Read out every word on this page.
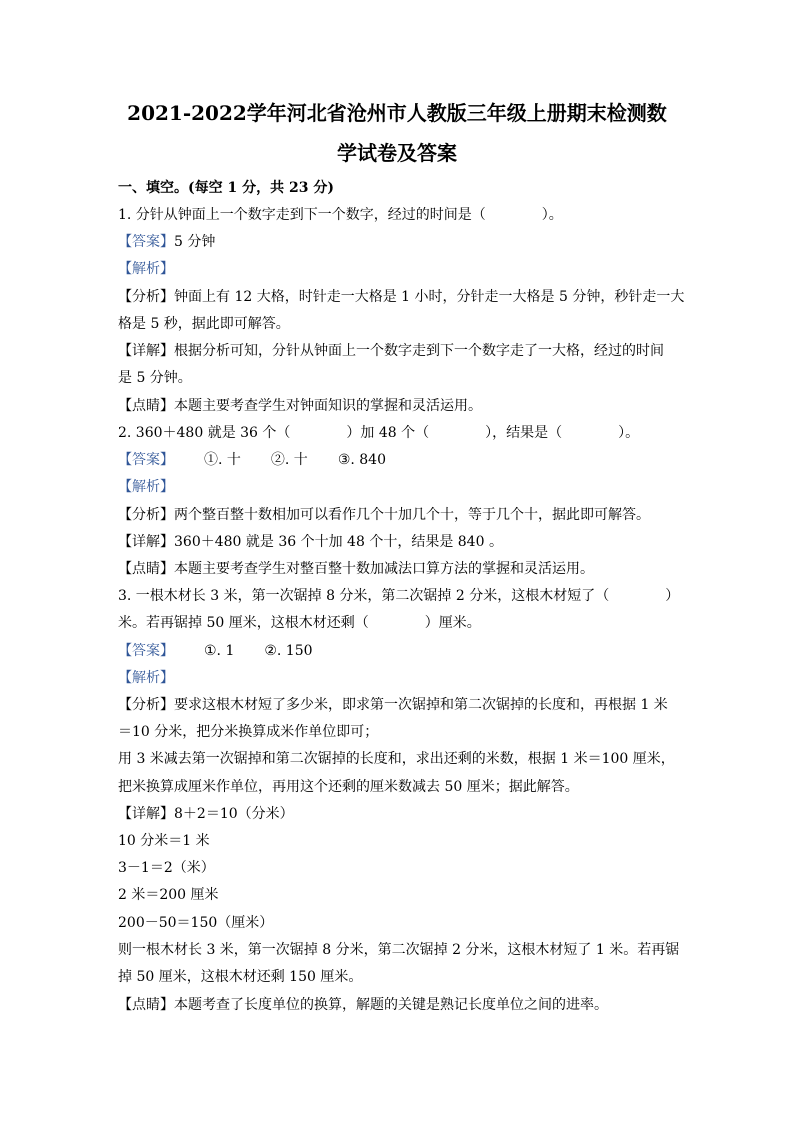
2021-2022学年河北省沧州市人教版三年级上册期末检测数
学试卷及答案
一、填空。(每空 1 分，共 23 分)
1. 分针从钟面上一个数字走到下一个数字，经过的时间是（　　　　）。
【答案】5 分钟
【解析】
【分析】钟面上有 12 大格，时针走一大格是 1 小时，分针走一大格是 5 分钟，秒针走一大
格是 5 秒，据此即可解答。
【详解】根据分析可知，分针从钟面上一个数字走到下一个数字走了一大格，经过的时间
是 5 分钟。
【点睛】本题主要考查学生对钟面知识的掌握和灵活运用。
2. 360＋480 就是 36 个（　　　　）加 48 个（　　　　），结果是（　　　　）。
【答案】 ①. 十 ②. 十 ③. 840
【解析】
【分析】两个整百整十数相加可以看作几个十加几个十，等于几个十，据此即可解答。
【详解】360＋480 就是 36 个十加 48 个十，结果是 840 。
【点睛】本题主要考查学生对整百整十数加减法口算方法的掌握和灵活运用。
3. 一根木材长 3 米，第一次锯掉 8 分米，第二次锯掉 2 分米，这根木材短了（　　　　）
米。若再锯掉 50 厘米，这根木材还剩（　　　　）厘米。
【答案】 ①. 1 ②. 150
【解析】
【分析】要求这根木材短了多少米，即求第一次锯掉和第二次锯掉的长度和，再根据 1 米
＝10 分米，把分米换算成米作单位即可；
用 3 米减去第一次锯掉和第二次锯掉的长度和，求出还剩的米数，根据 1 米＝100 厘米，
把米换算成厘米作单位，再用这个还剩的厘米数减去 50 厘米；据此解答。
【详解】8＋2＝10（分米）
10 分米＝1 米
3－1＝2（米）
2 米＝200 厘米
200－50＝150（厘米）
则一根木材长 3 米，第一次锯掉 8 分米，第二次锯掉 2 分米，这根木材短了 1 米。若再锯
掉 50 厘米，这根木材还剩 150 厘米。
【点睛】本题考查了长度单位的换算，解题的关键是熟记长度单位之间的进率。
